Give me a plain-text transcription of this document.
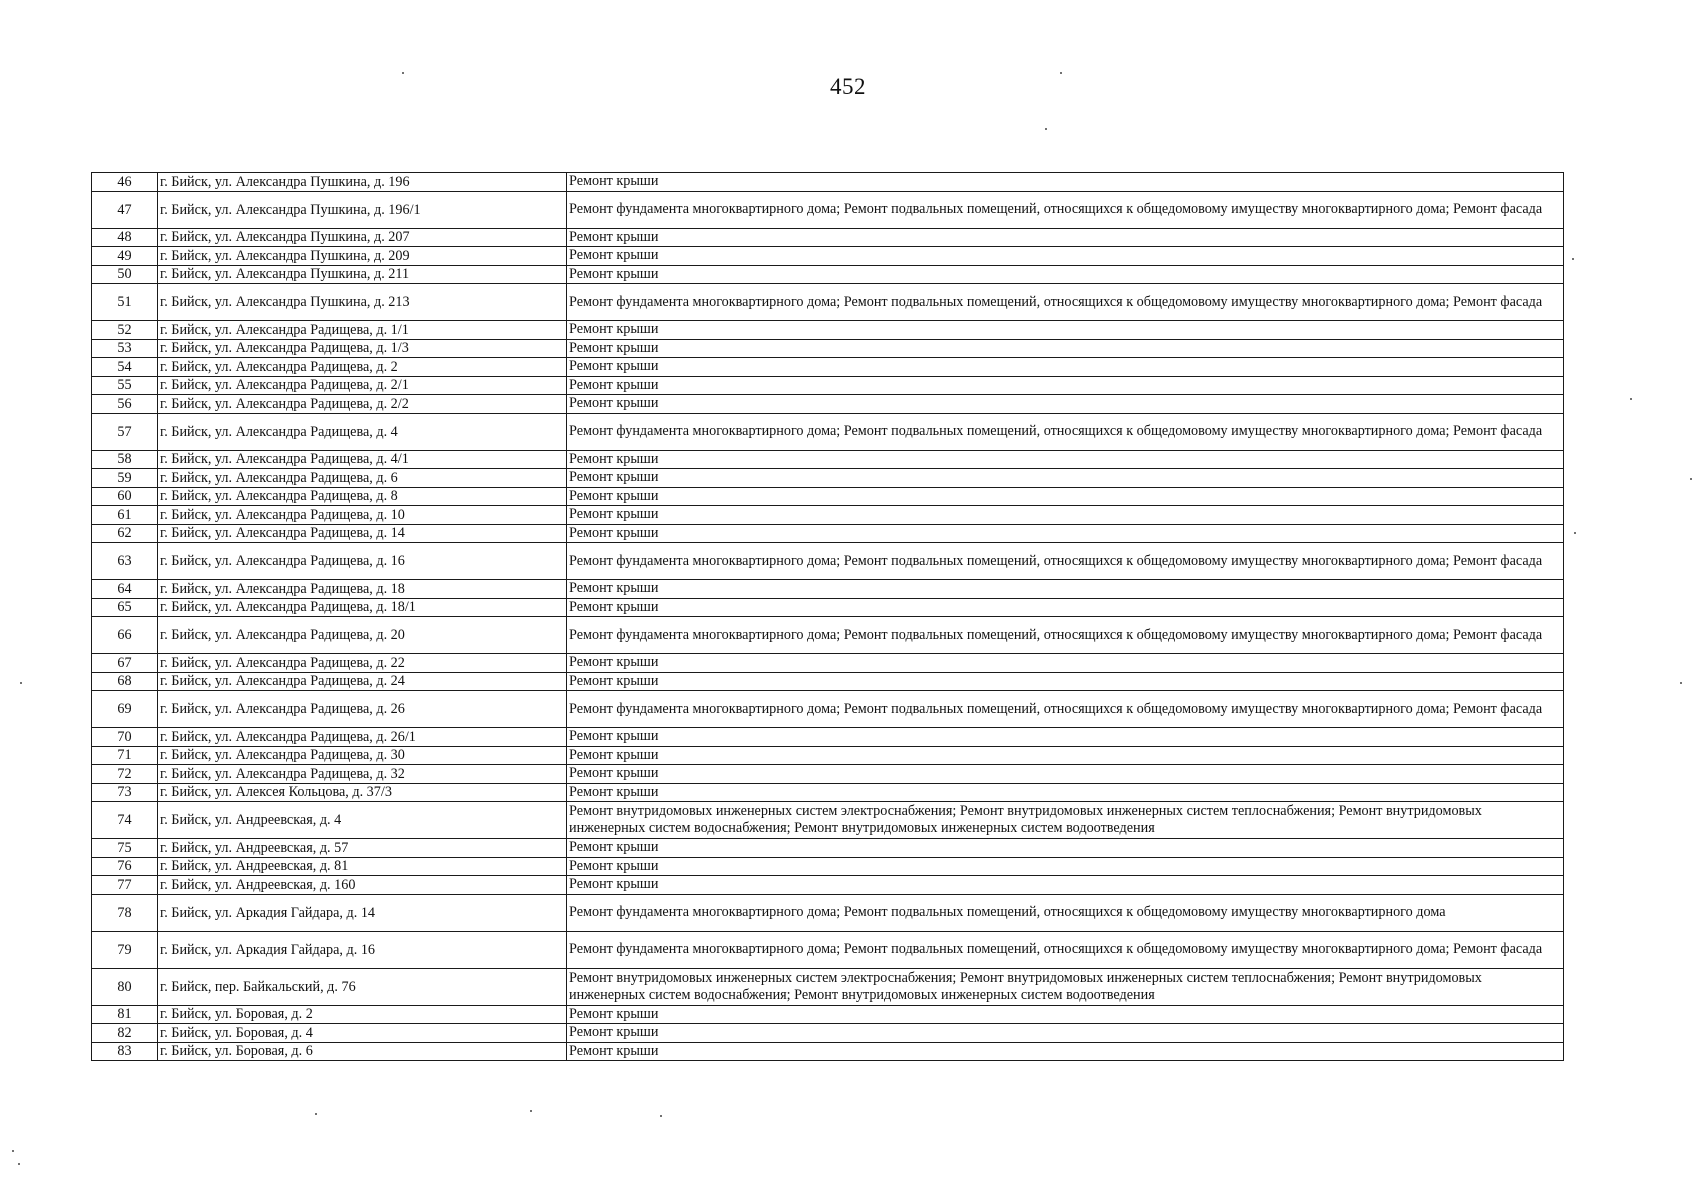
452
46	г. Бийск, ул. Александра Пушкина, д. 196	Ремонт крыши
47	г. Бийск, ул. Александра Пушкина, д. 196/1	Ремонт фундамента многоквартирного дома; Ремонт подвальных помещений, относящихся к общедомовому имуществу многоквартирного дома; Ремонт фасада
48	г. Бийск, ул. Александра Пушкина, д. 207	Ремонт крыши
49	г. Бийск, ул. Александра Пушкина, д. 209	Ремонт крыши
50	г. Бийск, ул. Александра Пушкина, д. 211	Ремонт крыши
51	г. Бийск, ул. Александра Пушкина, д. 213	Ремонт фундамента многоквартирного дома; Ремонт подвальных помещений, относящихся к общедомовому имуществу многоквартирного дома; Ремонт фасада
52	г. Бийск, ул. Александра Радищева, д. 1/1	Ремонт крыши
53	г. Бийск, ул. Александра Радищева, д. 1/3	Ремонт крыши
54	г. Бийск, ул. Александра Радищева, д. 2	Ремонт крыши
55	г. Бийск, ул. Александра Радищева, д. 2/1	Ремонт крыши
56	г. Бийск, ул. Александра Радищева, д. 2/2	Ремонт крыши
57	г. Бийск, ул. Александра Радищева, д. 4	Ремонт фундамента многоквартирного дома; Ремонт подвальных помещений, относящихся к общедомовому имуществу многоквартирного дома; Ремонт фасада
58	г. Бийск, ул. Александра Радищева, д. 4/1	Ремонт крыши
59	г. Бийск, ул. Александра Радищева, д. 6	Ремонт крыши
60	г. Бийск, ул. Александра Радищева, д. 8	Ремонт крыши
61	г. Бийск, ул. Александра Радищева, д. 10	Ремонт крыши
62	г. Бийск, ул. Александра Радищева, д. 14	Ремонт крыши
63	г. Бийск, ул. Александра Радищева, д. 16	Ремонт фундамента многоквартирного дома; Ремонт подвальных помещений, относящихся к общедомовому имуществу многоквартирного дома; Ремонт фасада
64	г. Бийск, ул. Александра Радищева, д. 18	Ремонт крыши
65	г. Бийск, ул. Александра Радищева, д. 18/1	Ремонт крыши
66	г. Бийск, ул. Александра Радищева, д. 20	Ремонт фундамента многоквартирного дома; Ремонт подвальных помещений, относящихся к общедомовому имуществу многоквартирного дома; Ремонт фасада
67	г. Бийск, ул. Александра Радищева, д. 22	Ремонт крыши
68	г. Бийск, ул. Александра Радищева, д. 24	Ремонт крыши
69	г. Бийск, ул. Александра Радищева, д. 26	Ремонт фундамента многоквартирного дома; Ремонт подвальных помещений, относящихся к общедомовому имуществу многоквартирного дома; Ремонт фасада
70	г. Бийск, ул. Александра Радищева, д. 26/1	Ремонт крыши
71	г. Бийск, ул. Александра Радищева, д. 30	Ремонт крыши
72	г. Бийск, ул. Александра Радищева, д. 32	Ремонт крыши
73	г. Бийск, ул. Алексея Кольцова, д. 37/3	Ремонт крыши
74	г. Бийск, ул. Андреевская, д. 4	Ремонт внутридомовых инженерных систем электроснабжения; Ремонт внутридомовых инженерных систем теплоснабжения; Ремонт внутридомовых инженерных систем водоснабжения; Ремонт внутридомовых инженерных систем водоотведения
75	г. Бийск, ул. Андреевская, д. 57	Ремонт крыши
76	г. Бийск, ул. Андреевская, д. 81	Ремонт крыши
77	г. Бийск, ул. Андреевская, д. 160	Ремонт крыши
78	г. Бийск, ул. Аркадия Гайдара, д. 14	Ремонт фундамента многоквартирного дома; Ремонт подвальных помещений, относящихся к общедомовому имуществу многоквартирного дома
79	г. Бийск, ул. Аркадия Гайдара, д. 16	Ремонт фундамента многоквартирного дома; Ремонт подвальных помещений, относящихся к общедомовому имуществу многоквартирного дома; Ремонт фасада
80	г. Бийск, пер. Байкальский, д. 76	Ремонт внутридомовых инженерных систем электроснабжения; Ремонт внутридомовых инженерных систем теплоснабжения; Ремонт внутридомовых инженерных систем водоснабжения; Ремонт внутридомовых инженерных систем водоотведения
81	г. Бийск, ул. Боровая, д. 2	Ремонт крыши
82	г. Бийск, ул. Боровая, д. 4	Ремонт крыши
83	г. Бийск, ул. Боровая, д. 6	Ремонт крыши
